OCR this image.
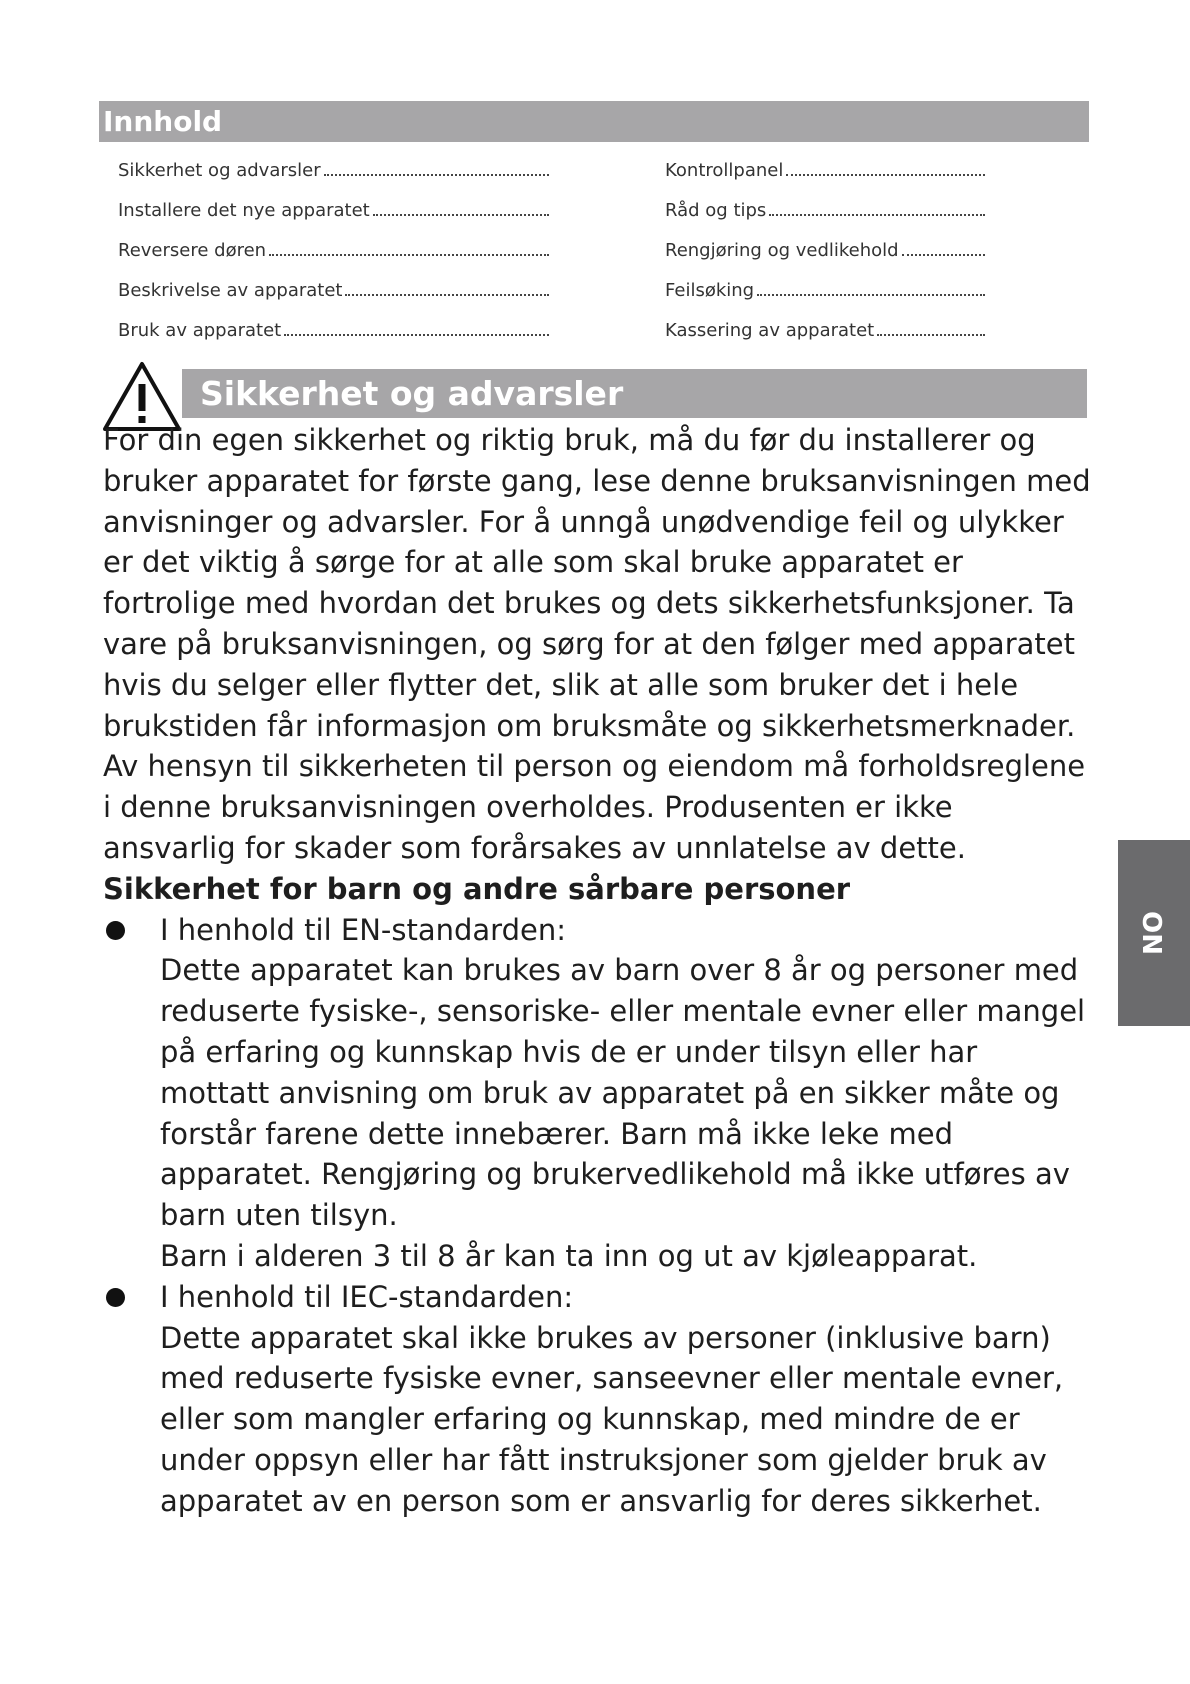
Innhold
Sikkerhet og advarsler
Installere det nye apparatet
Reversere døren
Beskrivelse av apparatet
Bruk av apparatet
Kontrollpanel
Råd og tips
Rengjøring og vedlikehold
Feilsøking
Kassering av apparatet
Sikkerhet og advarsler

For din egen sikkerhet og riktig bruk, må du før du installerer og bruker apparatet for første gang, lese denne bruksanvisningen med anvisninger og advarsler. For å unngå unødvendige feil og ulykker er det viktig å sørge for at alle som skal bruke apparatet er fortrolige med hvordan det brukes og dets sikkerhetsfunksjoner. Ta vare på bruksanvisningen, og sørg for at den følger med apparatet hvis du selger eller flytter det, slik at alle som bruker det i hele brukstiden får informasjon om bruksmåte og sikkerhetsmerknader.

Av hensyn til sikkerheten til person og eiendom må forholdsreglene i denne bruksanvisningen overholdes. Produsenten er ikke ansvarlig for skader som forårsakes av unnlatelse av dette.

Sikkerhet for barn og andre sårbare personer

I henhold til EN-standarden:

Dette apparatet kan brukes av barn over 8 år og personer med reduserte fysiske-, sensoriske- eller mentale evner eller mangel på erfaring og kunnskap hvis de er under tilsyn eller har mottatt anvisning om bruk av apparatet på en sikker måte og forstår farene dette innebærer. Barn må ikke leke med apparatet. Rengjøring og brukervedlikehold må ikke utføres av barn uten tilsyn.

Barn i alderen 3 til 8 år kan ta inn og ut av kjøleapparat.

I henhold til IEC-standarden:

Dette apparatet skal ikke brukes av personer (inklusive barn) med reduserte fysiske evner, sanseevner eller mentale evner, eller som mangler erfaring og kunnskap, med mindre de er under oppsyn eller har fått instruksjoner som gjelder bruk av apparatet av en person som er ansvarlig for deres sikkerhet.

NO
